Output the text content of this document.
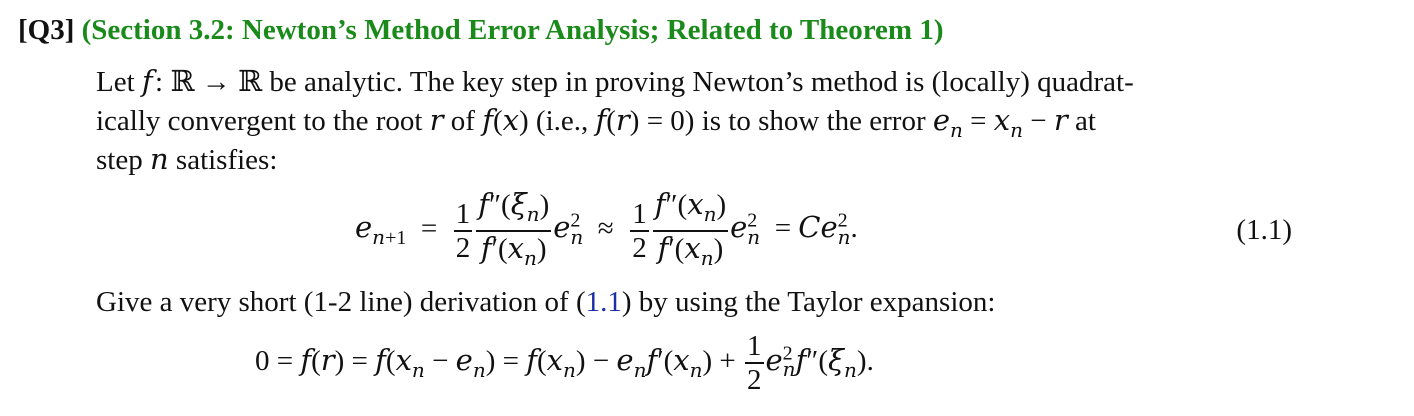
[Q3] (Section 3.2: Newton’s Method Error Analysis; Related to Theorem 1)
Let f : ℝ → ℝ be analytic. The key step in proving Newton’s method is (locally) quadrat-
ically convergent to the root r of f(x) (i.e., f(r) = 0) is to show the error $e_n = x_n - r$ at
step n satisfies:
$e_{n+1} = \frac{1}{2} \frac{f''(\xi_n)}{f'(x_n)} e^2_n \approx \frac{1}{2} \frac{f''(x_n)}{f'(x_n)} e^2_n = Ce^2_n$.	(1.1)
Give a very short (1-2 line) derivation of (1.1) by using the Taylor expansion:
$0 = f(r) = f(x_n - e_n) = f(x_n) - e_nf'(x_n) + \frac{1}{2} e^2_nf''(\xi_n)$.
